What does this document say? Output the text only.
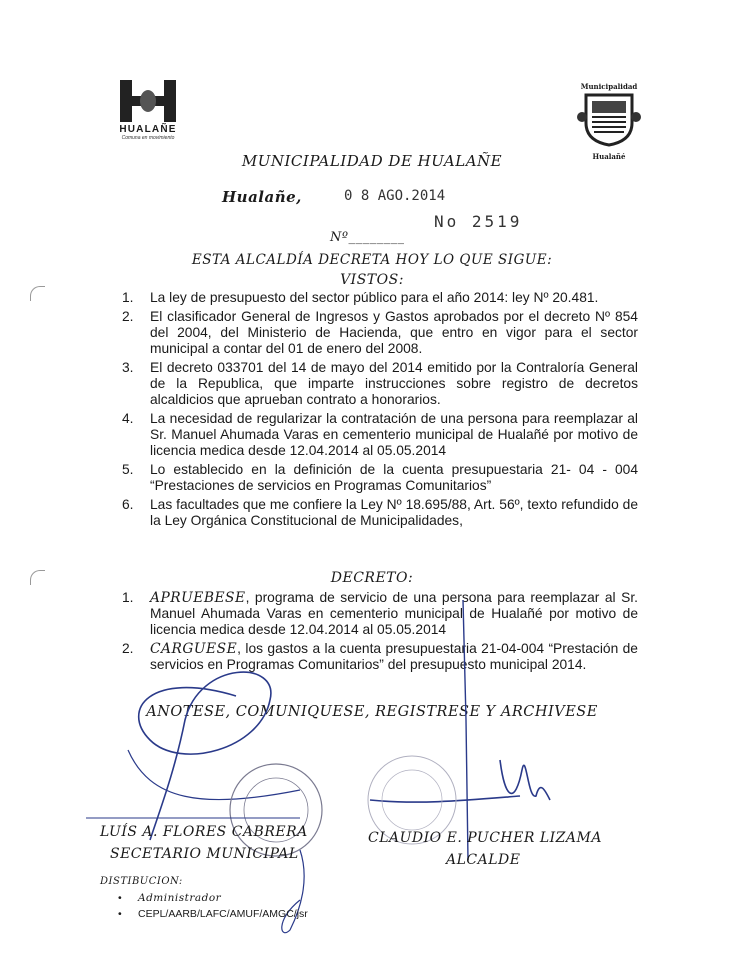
HUALAÑE
Comuna en movimiento
Municipalidad
Hualañé
MUNICIPALIDAD DE HUALAÑE
Hualañe,	0 8 AGO.2014
No 2519
Nº________
ESTA ALCALDÍA DECRETA HOY LO QUE SIGUE:
VISTOS:
1. La ley de presupuesto del sector público para el año 2014: ley Nº 20.481.
2. El clasificador General de Ingresos y Gastos aprobados por el decreto Nº 854 del 2004, del Ministerio de Hacienda, que entro en vigor para el sector municipal a contar del 01 de enero del 2008.
3. El decreto 033701 del 14 de mayo del 2014 emitido por la Contraloría General de la Republica, que imparte instrucciones sobre registro de decretos alcaldicios que aprueban contrato a honorarios.
4. La necesidad de regularizar la contratación de una persona para reemplazar al Sr. Manuel Ahumada Varas en cementerio municipal de Hualañé por motivo de licencia medica desde 12.04.2014 al 05.05.2014
5. Lo establecido en la definición de la cuenta presupuestaria 21- 04 - 004 “Prestaciones de servicios en Programas Comunitarios”
6. Las facultades que me confiere la Ley Nº 18.695/88, Art. 56º, texto refundido de la Ley Orgánica Constitucional de Municipalidades,
DECRETO:
1. APRUEBESE, programa de servicio de una persona para reemplazar al Sr. Manuel Ahumada Varas en cementerio municipal de Hualañé por motivo de licencia medica desde 12.04.2014 al 05.05.2014
2. CARGUESE, los gastos a la cuenta presupuestaria 21-04-004 “Prestación de servicios en Programas Comunitarios” del presupuesto municipal 2014.
ANOTESE, COMUNIQUESE, REGISTRESE Y ARCHIVESE
LUÍS A. FLORES CABRERA
SECETARIO MUNICIPAL
CLAUDIO E. PUCHER LIZAMA
ALCALDE
DISTIBUCION:
• Administrador
• CEPL/AARB/LAFC/AMUF/AMGC/jsr
